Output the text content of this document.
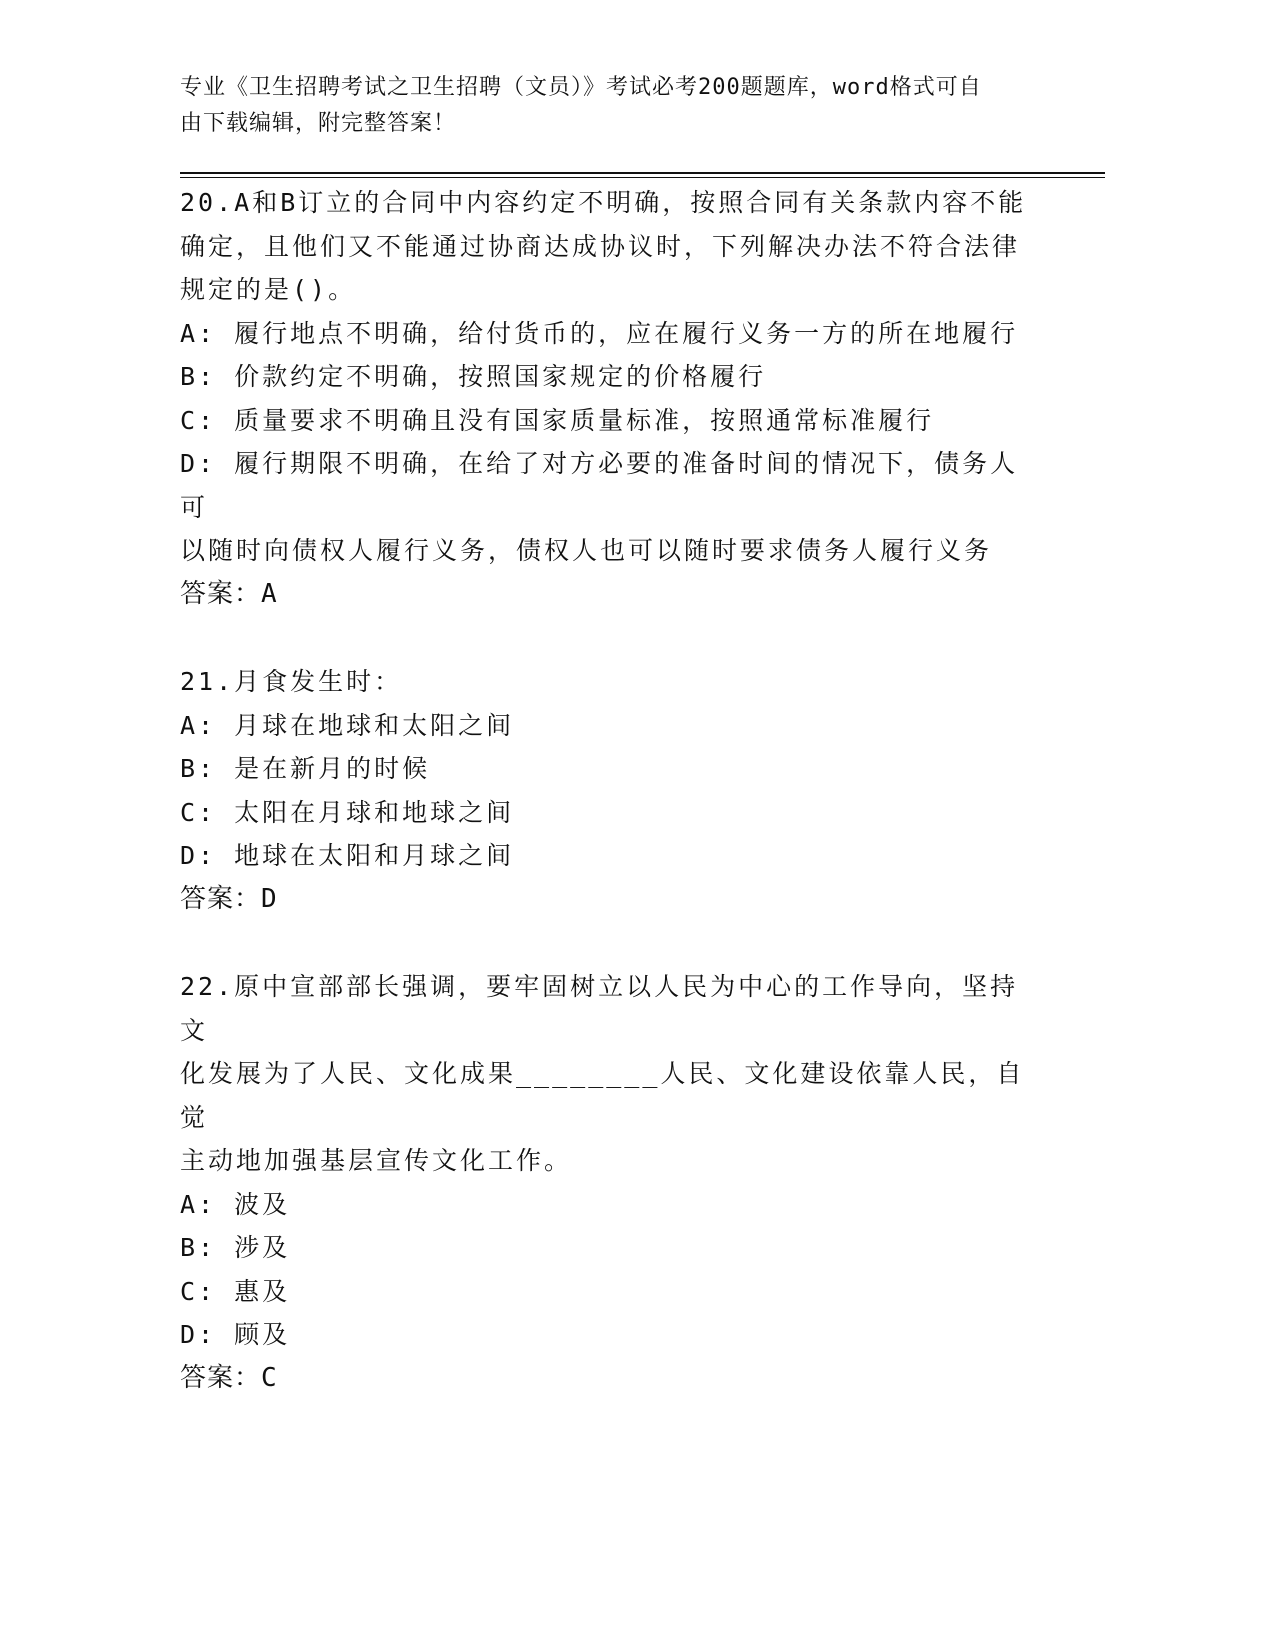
专业《卫生招聘考试之卫生招聘（文员）》考试必考200题题库，word格式可自
由下载编辑，附完整答案！
20.A和B订立的合同中内容约定不明确，按照合同有关条款内容不能
确定，且他们又不能通过协商达成协议时，下列解决办法不符合法律
规定的是()。
A: 履行地点不明确，给付货币的，应在履行义务一方的所在地履行
B: 价款约定不明确，按照国家规定的价格履行
C: 质量要求不明确且没有国家质量标准，按照通常标准履行
D: 履行期限不明确，在给了对方必要的准备时间的情况下，债务人可
以随时向债权人履行义务，债权人也可以随时要求债务人履行义务
答案：A
21.月食发生时：
A: 月球在地球和太阳之间
B: 是在新月的时候
C: 太阳在月球和地球之间
D: 地球在太阳和月球之间
答案：D
22.原中宣部部长强调，要牢固树立以人民为中心的工作导向，坚持文
化发展为了人民、文化成果________人民、文化建设依靠人民，自觉
主动地加强基层宣传文化工作。
A: 波及
B: 涉及
C: 惠及
D: 顾及
答案：C
